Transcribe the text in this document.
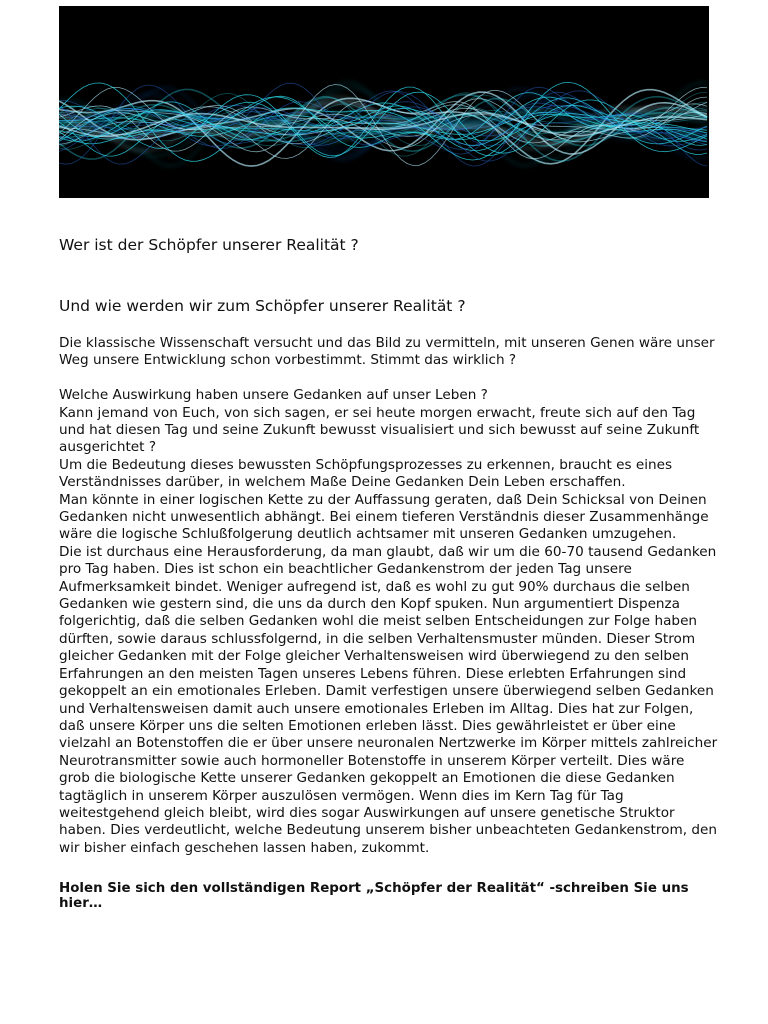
Wer ist der Schöpfer unserer Realität ?
Und wie werden wir zum Schöpfer unserer Realität ?

Die klassische Wissenschaft versucht und das Bild zu vermitteln, mit unseren Genen wäre unser Weg unsere Entwicklung schon vorbestimmt. Stimmt das wirklich ?

Welche Auswirkung haben unsere Gedanken auf unser Leben ?

Kann jemand von Euch, von sich sagen, er sei heute morgen erwacht, freute sich auf den Tag und hat diesen Tag und seine Zukunft bewusst visualisiert und sich bewusst auf seine Zukunft ausgerichtet ?

Um die Bedeutung dieses bewussten Schöpfungsprozesses zu erkennen, braucht es eines Verständnisses darüber, in welchem Maße Deine Gedanken Dein Leben erschaffen.

Man könnte in einer logischen Kette zu der Auffassung geraten, daß Dein Schicksal von Deinen Gedanken nicht unwesentlich abhängt. Bei einem tieferen Verständnis dieser Zusammenhänge wäre die logische Schlußfolgerung deutlich achtsamer mit unseren Gedanken umzugehen.

Die ist durchaus eine Herausforderung, da man glaubt, daß wir um die 60-70 tausend Gedanken pro Tag haben. Dies ist schon ein beachtlicher Gedankenstrom der jeden Tag unsere Aufmerksamkeit bindet. Weniger aufregend ist, daß es wohl zu gut 90% durchaus die selben Gedanken wie gestern sind, die uns da durch den Kopf spuken. Nun argumentiert Dispenza folgerichtig, daß die selben Gedanken wohl die meist selben Entscheidungen zur Folge haben dürften, sowie daraus schlussfolgernd, in die selben Verhaltensmuster münden. Dieser Strom gleicher Gedanken mit der Folge gleicher Verhaltensweisen wird überwiegend zu den selben Erfahrungen an den meisten Tagen unseres Lebens führen. Diese erlebten Erfahrungen sind gekoppelt an ein emotionales Erleben. Damit verfestigen unsere überwiegend selben Gedanken und Verhaltensweisen damit auch unsere emotionales Erleben im Alltag. Dies hat zur Folgen, daß unsere Körper uns die selten Emotionen erleben lässt. Dies gewährleistet er über eine vielzahl an Botenstoffen die er über unsere neuronalen Nertzwerke im Körper mittels zahlreicher Neurotransmitter sowie auch hormoneller Botenstoffe in unserem Körper verteilt. Dies wäre grob die biologische Kette unserer Gedanken gekoppelt an Emotionen die diese Gedanken tagtäglich in unserem Körper auszulösen vermögen. Wenn dies im Kern Tag für Tag weitestgehend gleich bleibt, wird dies sogar Auswirkungen auf unsere genetische Struktor haben. Dies verdeutlicht, welche Bedeutung unserem bisher unbeachteten Gedankenstrom, den wir bisher einfach geschehen lassen haben, zukommt.

Holen Sie sich den vollständigen Report „Schöpfer der Realität“ -schreiben Sie uns hier…
